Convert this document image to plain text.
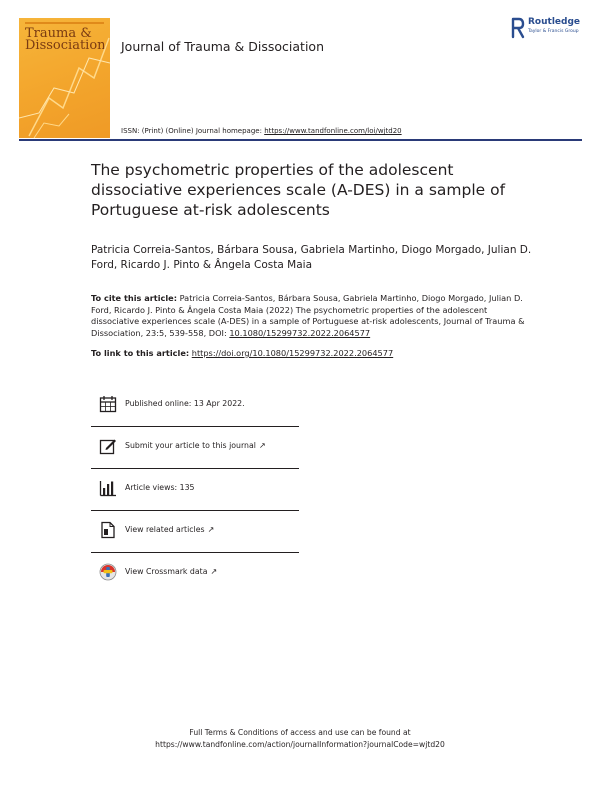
Trauma & Dissociation Journal of Trauma & Dissociation
Routledge
Taylor & Francis Group
ISSN: (Print) (Online) Journal homepage: https://www.tandfonline.com/loi/wjtd20
The psychometric properties of the adolescent dissociative experiences scale (A-DES) in a sample of Portuguese at-risk adolescents
Patricia Correia-Santos, Bárbara Sousa, Gabriela Martinho, Diogo Morgado, Julian D. Ford, Ricardo J. Pinto & Ângela Costa Maia
To cite this article: Patricia Correia-Santos, Bárbara Sousa, Gabriela Martinho, Diogo Morgado, Julian D. Ford, Ricardo J. Pinto & Ângela Costa Maia (2022) The psychometric properties of the adolescent dissociative experiences scale (A-DES) in a sample of Portuguese at-risk adolescents, Journal of Trauma & Dissociation, 23:5, 539-558, DOI: 10.1080/15299732.2022.2064577
To link to this article: https://doi.org/10.1080/15299732.2022.2064577
Published online: 13 Apr 2022.
Submit your article to this journal ↗
Article views: 135
View related articles ↗
View Crossmark data ↗
Full Terms & Conditions of access and use can be found at
https://www.tandfonline.com/action/journalInformation?journalCode=wjtd20
